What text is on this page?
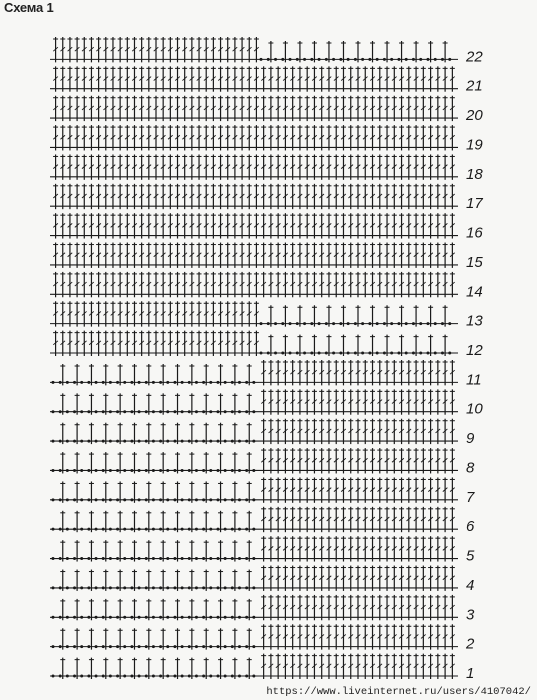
Схема 1
22
21
20
19
18
17
16
15
14
13
12
11
10
9
8
7
6
5
4
3
2
1
https://www.liveinternet.ru/users/4107042/
